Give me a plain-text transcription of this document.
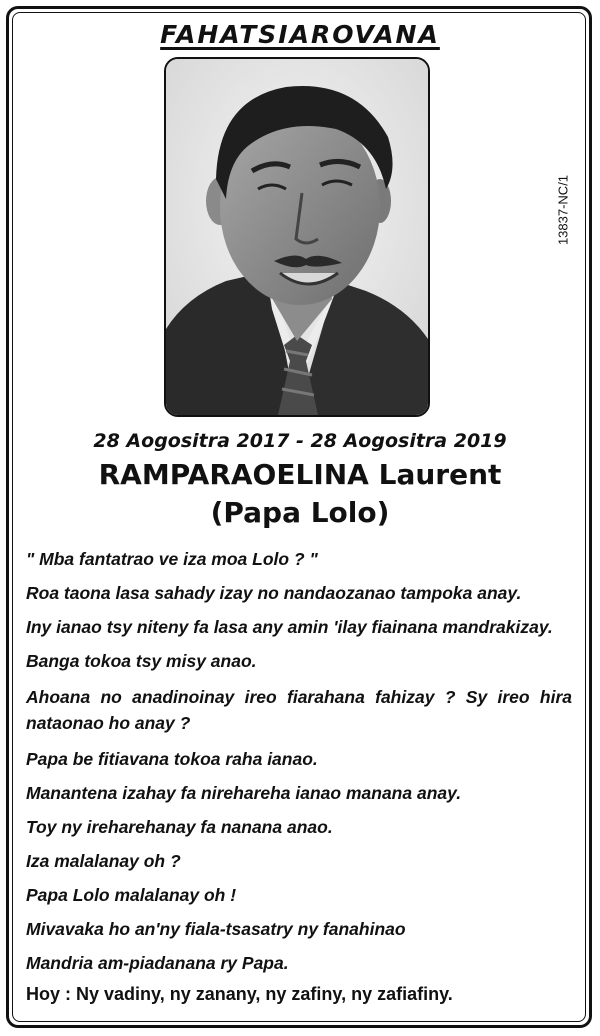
FAHATSIAROVANA
13837-NC/1
28 Aogositra 2017 - 28 Aogositra 2019
RAMPARAOELINA Laurent
(Papa Lolo)
" Mba fantatrao ve iza moa Lolo ? "
Roa taona lasa sahady izay no nandaozanao tampoka anay.
Iny ianao tsy niteny fa lasa any amin 'ilay fiainana mandrakizay.
Banga tokoa tsy misy anao.
Ahoana no anadinoinay ireo fiarahana fahizay ? Sy ireo hira nataonao ho anay ?
Papa be fitiavana tokoa raha ianao.
Manantena izahay fa nirehareha ianao manana anay.
Toy ny ireharehanay fa nanana anao.
Iza malalanay oh ?
Papa Lolo malalanay oh !
Mivavaka ho an'ny fiala-tsasatry ny fanahinao
Mandria am-piadanana ry Papa.
Hoy : Ny vadiny, ny zanany, ny zafiny, ny zafiafiny.
